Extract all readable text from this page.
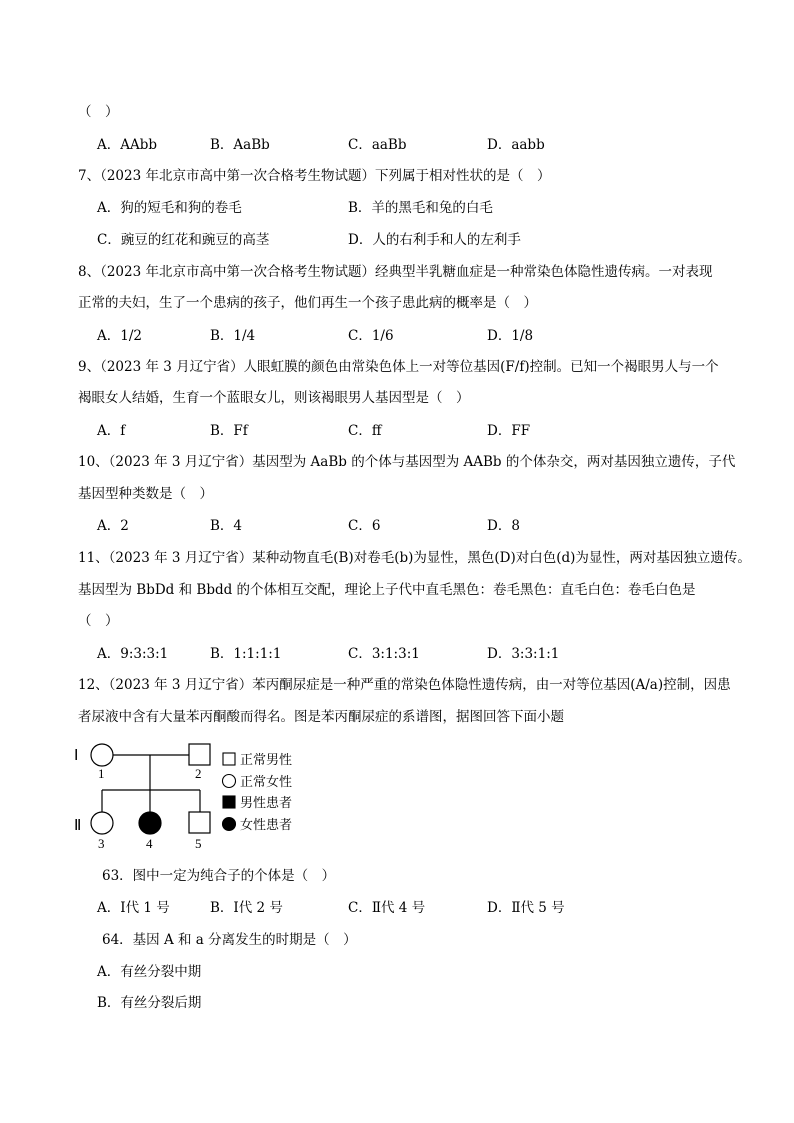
（　）
A．AAbb	B．AaBb	C．aaBb	D．aabb
7、（2023 年北京市高中第一次合格考生物试题）下列属于相对性状的是（　）
A．狗的短毛和狗的卷毛	B．羊的黑毛和兔的白毛
C．豌豆的红花和豌豆的高茎	D．人的右利手和人的左利手
8、（2023 年北京市高中第一次合格考生物试题）经典型半乳糖血症是一种常染色体隐性遗传病。一对表现
正常的夫妇，生了一个患病的孩子，他们再生一个孩子患此病的概率是（　）
A．1/2	B．1/4	C．1/6	D．1/8
9、（2023 年 3 月辽宁省）人眼虹膜的颜色由常染色体上一对等位基因(F/f)控制。已知一个褐眼男人与一个
褐眼女人结婚，生育一个蓝眼女儿，则该褐眼男人基因型是（　）
A．f	B．Ff	C．ff	D．FF
10、（2023 年 3 月辽宁省）基因型为 AaBb 的个体与基因型为 AABb 的个体杂交，两对基因独立遗传，子代
基因型种类数是（　）
A．2	B．4	C．6	D．8
11、（2023 年 3 月辽宁省）某种动物直毛(B)对卷毛(b)为显性，黑色(D)对白色(d)为显性，两对基因独立遗传。
基因型为 BbDd 和 Bbdd 的个体相互交配，理论上子代中直毛黑色：卷毛黑色：直毛白色：卷毛白色是
（　）
A．9:3:3:1	B．1:1:1:1	C．3:1:3:1	D．3:3:1:1
12、（2023 年 3 月辽宁省）苯丙酮尿症是一种严重的常染色体隐性遗传病，由一对等位基因(A/a)控制，因患
者尿液中含有大量苯丙酮酸而得名。图是苯丙酮尿症的系谱图，据图回答下面小题
Ⅰ
Ⅱ
1	2
3	4	5
正常男性
正常女性
男性患者
女性患者
63．图中一定为纯合子的个体是（　）
A．Ⅰ代 1 号	B．Ⅰ代 2 号	C．Ⅱ代 4 号	D．Ⅱ代 5 号
64．基因 A 和 a 分离发生的时期是（　）
A．有丝分裂中期
B．有丝分裂后期
